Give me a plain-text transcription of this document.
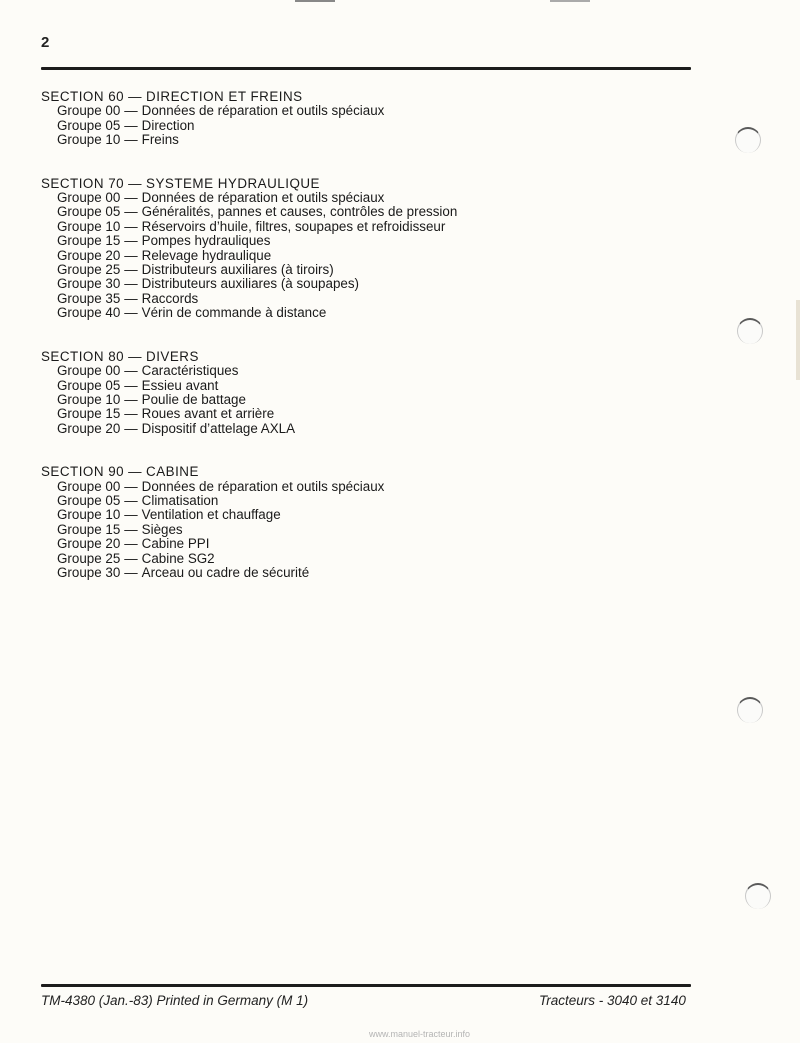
2
SECTION 60 — DIRECTION ET FREINS
Groupe 00 — Données de réparation et outils spéciaux
Groupe 05 — Direction
Groupe 10 — Freins
SECTION 70 — SYSTEME HYDRAULIQUE
Groupe 00 — Données de réparation et outils spéciaux
Groupe 05 — Généralités, pannes et causes, contrôles de pression
Groupe 10 — Réservoirs d’huile, filtres, soupapes et refroidisseur
Groupe 15 — Pompes hydrauliques
Groupe 20 — Relevage hydraulique
Groupe 25 — Distributeurs auxiliares (à tiroirs)
Groupe 30 — Distributeurs auxiliares (à soupapes)
Groupe 35 — Raccords
Groupe 40 — Vérin de commande à distance
SECTION 80 — DIVERS
Groupe 00 — Caractéristiques
Groupe 05 — Essieu avant
Groupe 10 — Poulie de battage
Groupe 15 — Roues avant et arrière
Groupe 20 — Dispositif d’attelage AXLA
SECTION 90 — CABINE
Groupe 00 — Données de réparation et outils spéciaux
Groupe 05 — Climatisation
Groupe 10 — Ventilation et chauffage
Groupe 15 — Sièges
Groupe 20 — Cabine PPI
Groupe 25 — Cabine SG2
Groupe 30 — Arceau ou cadre de sécurité
TM-4380 (Jan.-83) Printed in Germany (M 1)	Tracteurs - 3040 et 3140
www.manuel-tracteur.info
